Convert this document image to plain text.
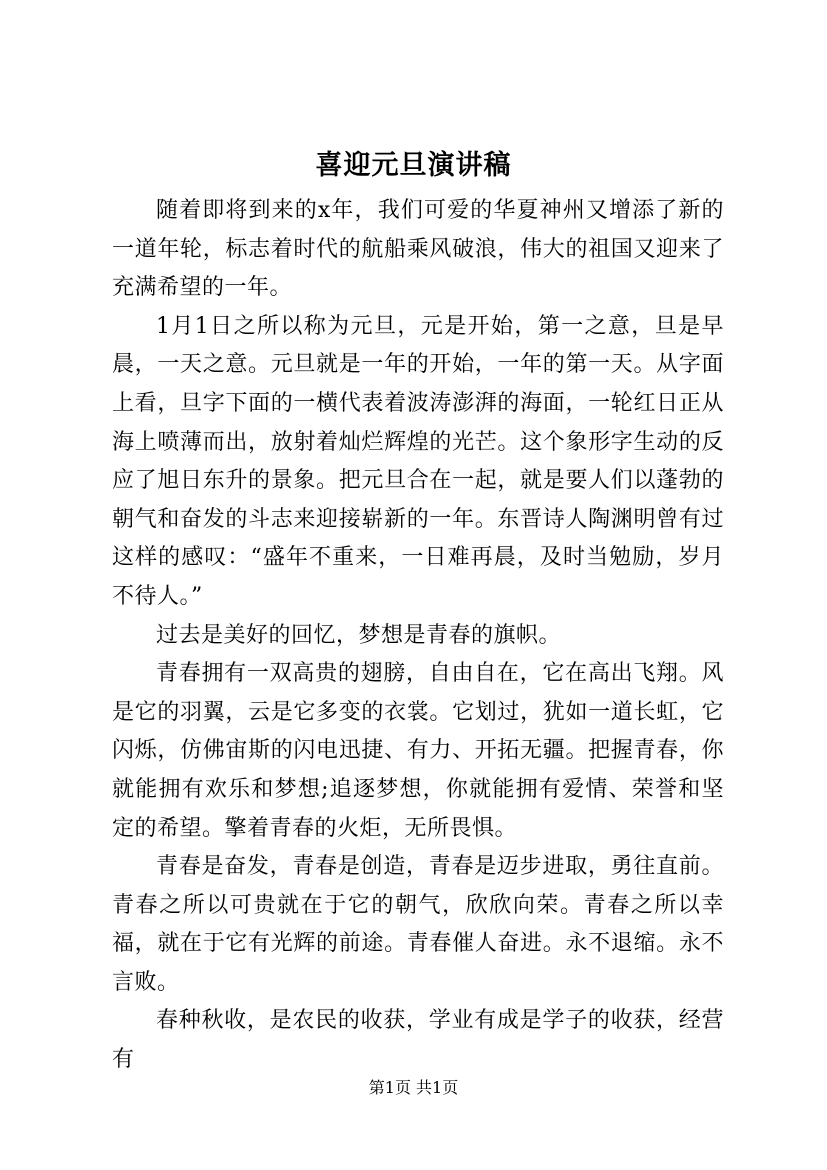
喜迎元旦演讲稿

随着即将到来的x年，我们可爱的华夏神州又增添了新的一道年轮，标志着时代的航船乘风破浪，伟大的祖国又迎来了充满希望的一年。

1月1日之所以称为元旦，元是开始，第一之意，旦是早晨，一天之意。元旦就是一年的开始，一年的第一天。从字面上看，旦字下面的一横代表着波涛澎湃的海面，一轮红日正从海上喷薄而出，放射着灿烂辉煌的光芒。这个象形字生动的反应了旭日东升的景象。把元旦合在一起，就是要人们以蓬勃的朝气和奋发的斗志来迎接崭新的一年。东晋诗人陶渊明曾有过这样的感叹：“盛年不重来，一日难再晨，及时当勉励，岁月不待人。”

过去是美好的回忆，梦想是青春的旗帜。

青春拥有一双高贵的翅膀，自由自在，它在高出飞翔。风是它的羽翼，云是它多变的衣裳。它划过，犹如一道长虹，它闪烁，仿佛宙斯的闪电迅捷、有力、开拓无疆。把握青春，你就能拥有欢乐和梦想;追逐梦想，你就能拥有爱情、荣誉和坚定的希望。擎着青春的火炬，无所畏惧。

青春是奋发，青春是创造，青春是迈步进取，勇往直前。青春之所以可贵就在于它的朝气，欣欣向荣。青春之所以幸福，就在于它有光辉的前途。青春催人奋进。永不退缩。永不言败。

春种秋收，是农民的收获，学业有成是学子的收获，经营有

第1页 共1页
